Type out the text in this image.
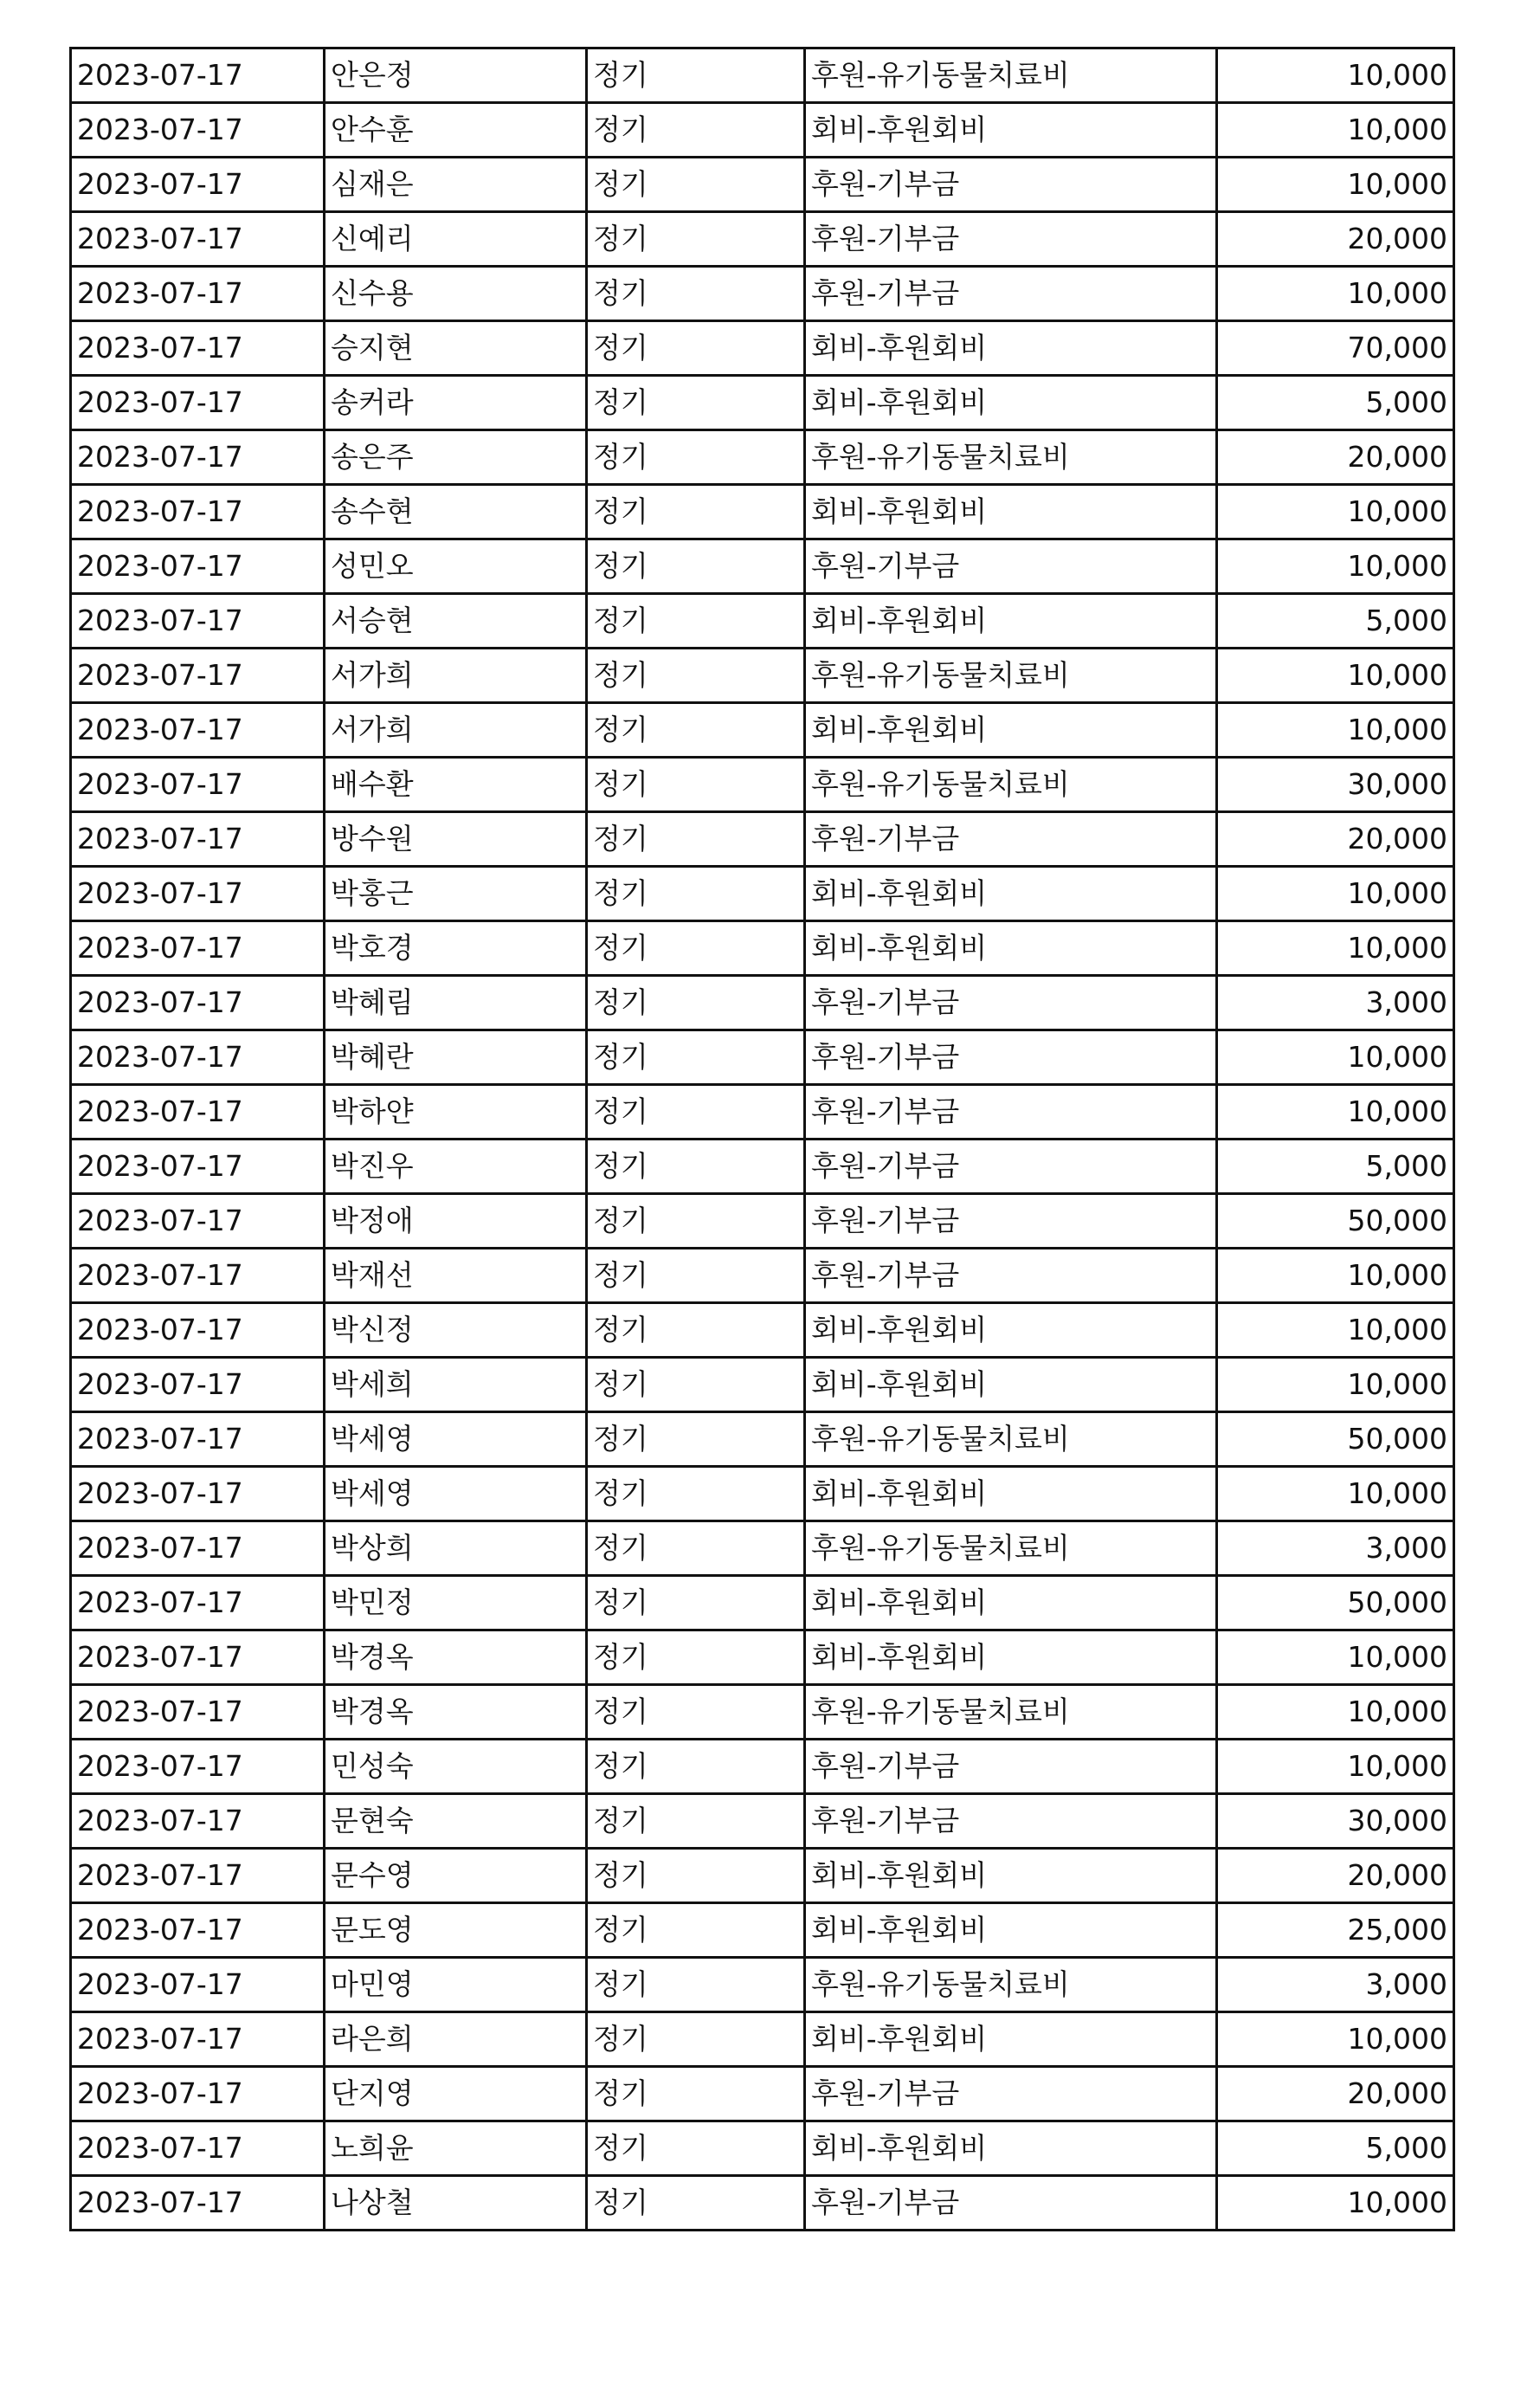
2023-07-17	안은정	정기	후원-유기동물치료비	10,000
2023-07-17	안수훈	정기	회비-후원회비	10,000
2023-07-17	심재은	정기	후원-기부금	10,000
2023-07-17	신예리	정기	후원-기부금	20,000
2023-07-17	신수용	정기	후원-기부금	10,000
2023-07-17	승지현	정기	회비-후원회비	70,000
2023-07-17	송커라	정기	회비-후원회비	5,000
2023-07-17	송은주	정기	후원-유기동물치료비	20,000
2023-07-17	송수현	정기	회비-후원회비	10,000
2023-07-17	성민오	정기	후원-기부금	10,000
2023-07-17	서승현	정기	회비-후원회비	5,000
2023-07-17	서가희	정기	후원-유기동물치료비	10,000
2023-07-17	서가희	정기	회비-후원회비	10,000
2023-07-17	배수환	정기	후원-유기동물치료비	30,000
2023-07-17	방수원	정기	후원-기부금	20,000
2023-07-17	박홍근	정기	회비-후원회비	10,000
2023-07-17	박호경	정기	회비-후원회비	10,000
2023-07-17	박혜림	정기	후원-기부금	3,000
2023-07-17	박혜란	정기	후원-기부금	10,000
2023-07-17	박하얀	정기	후원-기부금	10,000
2023-07-17	박진우	정기	후원-기부금	5,000
2023-07-17	박정애	정기	후원-기부금	50,000
2023-07-17	박재선	정기	후원-기부금	10,000
2023-07-17	박신정	정기	회비-후원회비	10,000
2023-07-17	박세희	정기	회비-후원회비	10,000
2023-07-17	박세영	정기	후원-유기동물치료비	50,000
2023-07-17	박세영	정기	회비-후원회비	10,000
2023-07-17	박상희	정기	후원-유기동물치료비	3,000
2023-07-17	박민정	정기	회비-후원회비	50,000
2023-07-17	박경옥	정기	회비-후원회비	10,000
2023-07-17	박경옥	정기	후원-유기동물치료비	10,000
2023-07-17	민성숙	정기	후원-기부금	10,000
2023-07-17	문현숙	정기	후원-기부금	30,000
2023-07-17	문수영	정기	회비-후원회비	20,000
2023-07-17	문도영	정기	회비-후원회비	25,000
2023-07-17	마민영	정기	후원-유기동물치료비	3,000
2023-07-17	라은희	정기	회비-후원회비	10,000
2023-07-17	단지영	정기	후원-기부금	20,000
2023-07-17	노희윤	정기	회비-후원회비	5,000
2023-07-17	나상철	정기	후원-기부금	10,000
